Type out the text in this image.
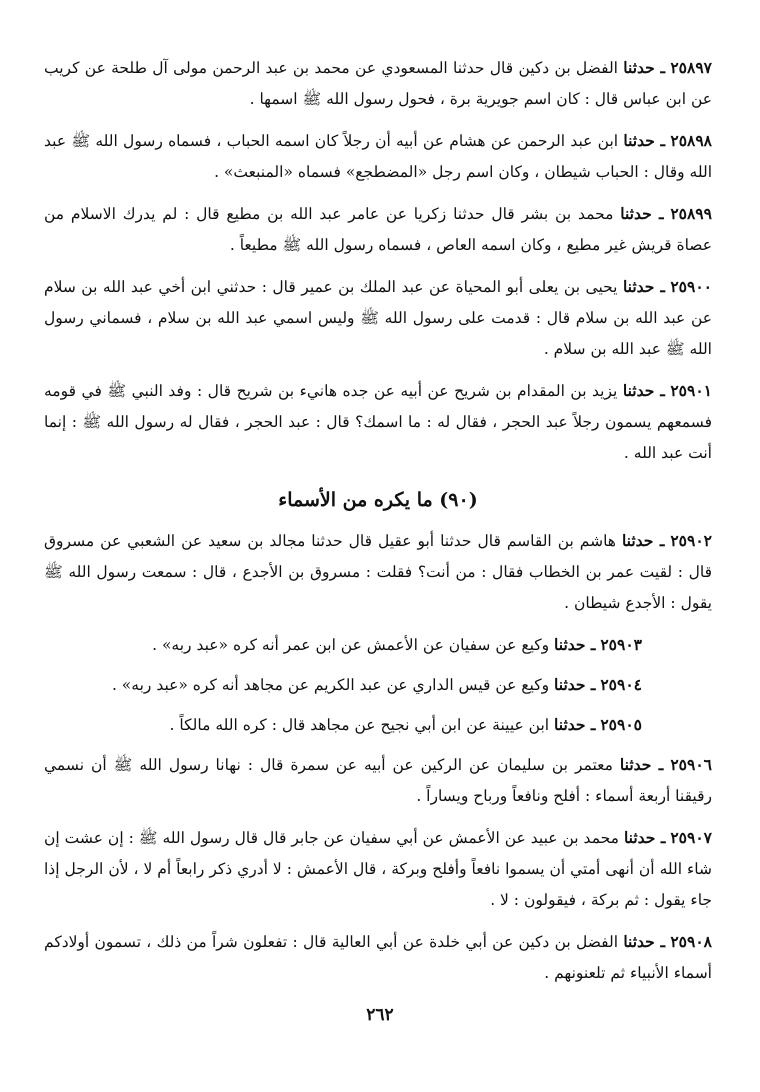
٢٥٨٩٧ ـ حدثنا الفضل بن دكين قال حدثنا المسعودي عن محمد بن عبد الرحمن مولى آل طلحة عن كريب عن ابن عباس قال : كان اسم جويرية برة ، فحول رسول الله ﷺ اسمها .
٢٥٨٩٨ ـ حدثنا ابن عبد الرحمن عن هشام عن أبيه أن رجلاً كان اسمه الحباب ، فسماه رسول الله ﷺ عبد الله وقال : الحباب شيطان ، وكان اسم رجل «المضطجع» فسماه «المنبعث» .
٢٥٨٩٩ ـ حدثنا محمد بن بشر قال حدثنا زكريا عن عامر عبد الله بن مطيع قال : لم يدرك الاسلام من عصاة قريش غير مطيع ، وكان اسمه العاص ، فسماه رسول الله ﷺ مطيعاً .
٢٥٩٠٠ ـ حدثنا يحيى بن يعلى أبو المحياة عن عبد الملك بن عمير قال : حدثني ابن أخي عبد الله بن سلام عن عبد الله بن سلام قال : قدمت على رسول الله ﷺ وليس اسمي عبد الله بن سلام ، فسماني رسول الله ﷺ عبد الله بن سلام .
٢٥٩٠١ ـ حدثنا يزيد بن المقدام بن شريح عن أبيه عن جده هانيء بن شريح قال : وفد النبي ﷺ في قومه فسمعهم يسمون رجلاً عبد الحجر ، فقال له : ما اسمك؟ قال : عبد الحجر ، فقال له رسول الله ﷺ : إنما أنت عبد الله .
(٩٠) ما يكره من الأسماء
٢٥٩٠٢ ـ حدثنا هاشم بن القاسم قال حدثنا أبو عقيل قال حدثنا مجالد بن سعيد عن الشعبي عن مسروق قال : لقيت عمر بن الخطاب فقال : من أنت؟ فقلت : مسروق بن الأجدع ، قال : سمعت رسول الله ﷺ يقول : الأجدع شيطان .
٢٥٩٠٣ ـ حدثنا وكيع عن سفيان عن الأعمش عن ابن عمر أنه كره «عبد ربه» .
٢٥٩٠٤ ـ حدثنا وكيع عن قيس الداري عن عبد الكريم عن مجاهد أنه كره «عبد ربه» .
٢٥٩٠٥ ـ حدثنا ابن عيينة عن ابن أبي نجيح عن مجاهد قال : كره الله مالكاً .
٢٥٩٠٦ ـ حدثنا معتمر بن سليمان عن الركين عن أبيه عن سمرة قال : نهانا رسول الله ﷺ أن نسمي رقيقنا أربعة أسماء : أفلح ونافعاً ورباح ويساراً .
٢٥٩٠٧ ـ حدثنا محمد بن عبيد عن الأعمش عن أبي سفيان عن جابر قال قال رسول الله ﷺ : إن عشت إن شاء الله أن أنهى أمتي أن يسموا نافعاً وأفلح وبركة ، قال الأعمش : لا أدري ذكر رابعاً أم لا ، لأن الرجل إذا جاء يقول : ثم بركة ، فيقولون : لا .
٢٥٩٠٨ ـ حدثنا الفضل بن دكين عن أبي خلدة عن أبي العالية قال : تفعلون شراً من ذلك ، تسمون أولادكم أسماء الأنبياء ثم تلعنونهم .
٢٦٢
